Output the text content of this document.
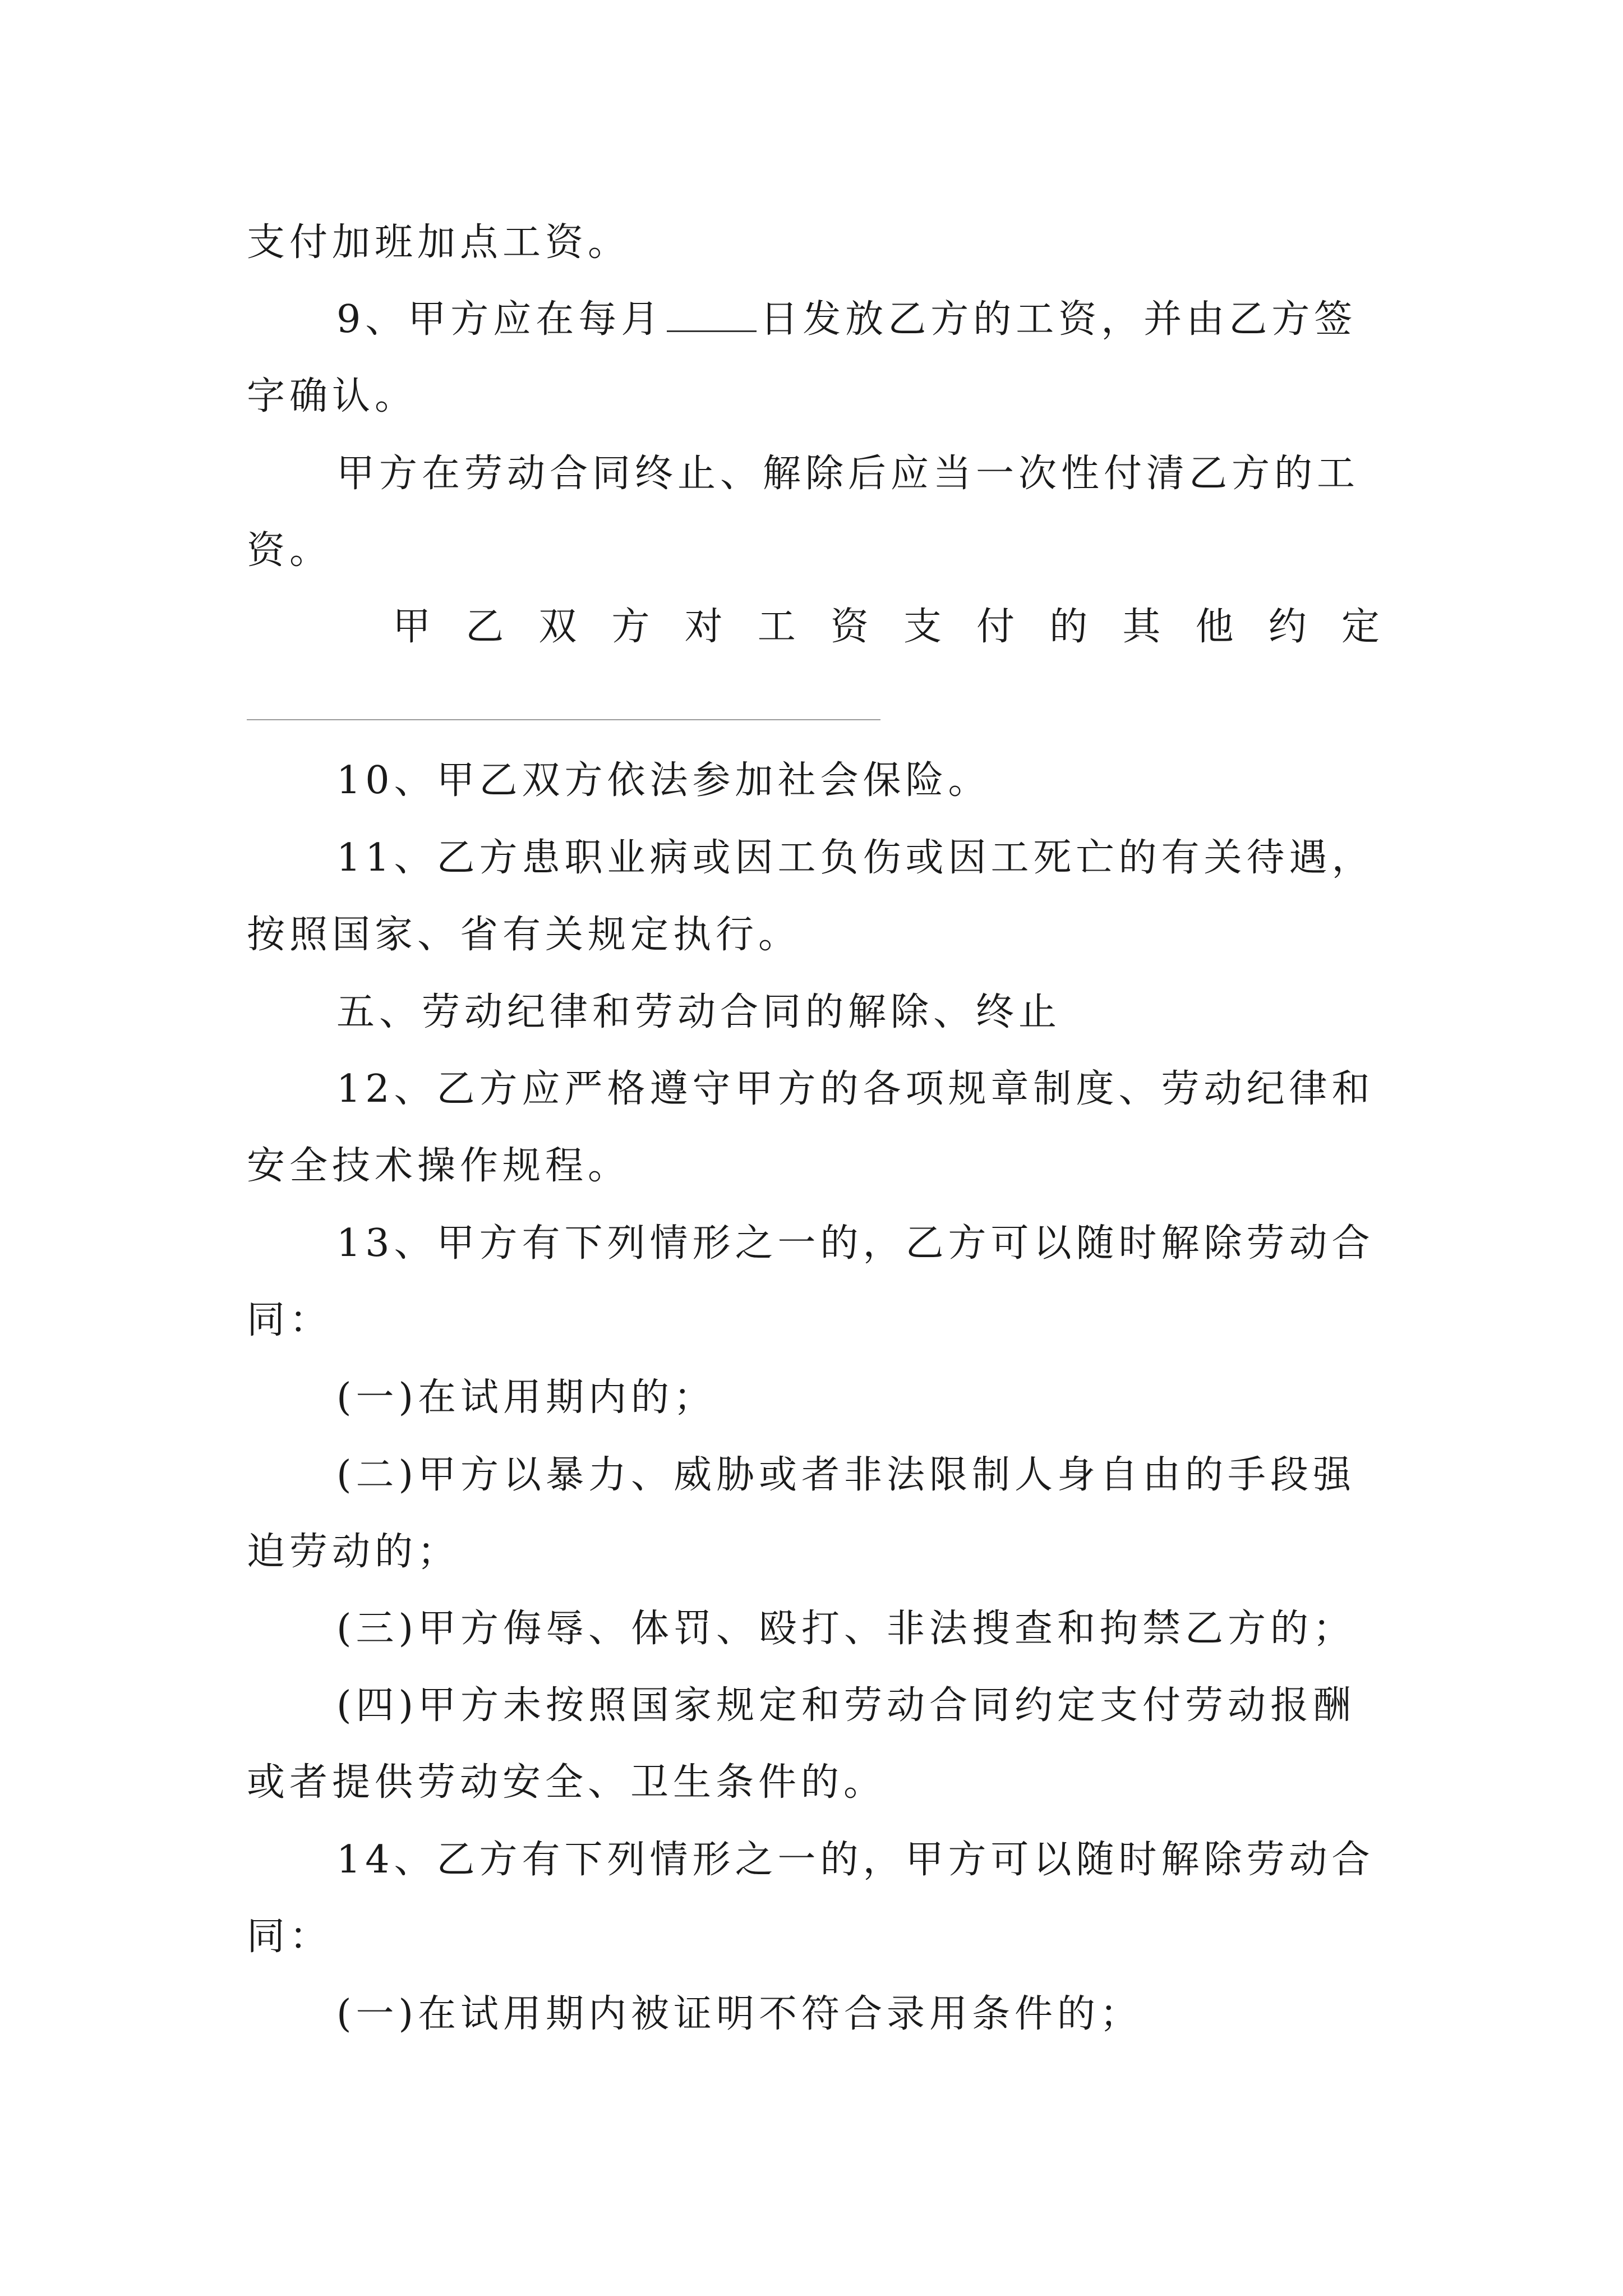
支付加班加点工资。
9、甲方应在每月	日发放乙方的工资，并由乙方签
字确认。
甲方在劳动合同终止、解除后应当一次性付清乙方的工
资。
甲 乙 双 方 对 工 资 支 付 的 其 他 约 定
10、甲乙双方依法参加社会保险。
11、乙方患职业病或因工负伤或因工死亡的有关待遇，
按照国家、省有关规定执行。
五、劳动纪律和劳动合同的解除、终止
12、乙方应严格遵守甲方的各项规章制度、劳动纪律和
安全技术操作规程。
13、甲方有下列情形之一的，乙方可以随时解除劳动合
同：
(一)在试用期内的；
(二)甲方以暴力、威胁或者非法限制人身自由的手段强
迫劳动的；
(三)甲方侮辱、体罚、殴打、非法搜查和拘禁乙方的；
(四)甲方未按照国家规定和劳动合同约定支付劳动报酬
或者提供劳动安全、卫生条件的。
14、乙方有下列情形之一的，甲方可以随时解除劳动合
同：
(一)在试用期内被证明不符合录用条件的；
